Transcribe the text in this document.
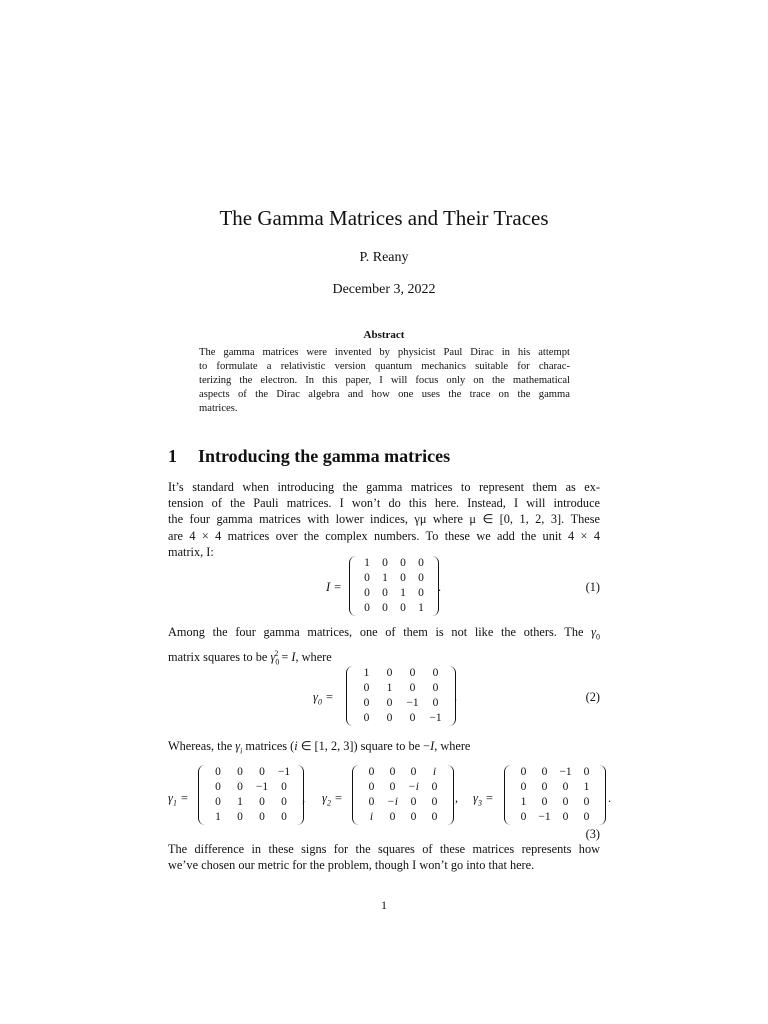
The Gamma Matrices and Their Traces
P. Reany
December 3, 2022
Abstract
The gamma matrices were invented by physicist Paul Dirac in his attempt
to formulate a relativistic version quantum mechanics suitable for charac-
terizing the electron. In this paper, I will focus only on the mathematical
aspects of the Dirac algebra and how one uses the trace on the gamma
matrices.
1 Introducing the gamma matrices
It’s standard when introducing the gamma matrices to represent them as ex-
tension of the Pauli matrices. I won’t do this here. Instead, I will introduce
the four gamma matrices with lower indices, γμ where μ ∈ [0, 1, 2, 3]. These
are 4 × 4 matrices over the complex numbers. To these we add the unit 4 × 4
matrix, I:
I =
1	0	0	0
0	1	0	0
0	0	1	0
0	0	0	1
.	(1)
Among the four gamma matrices, one of them is not like the others. The $\gamma_0$
matrix squares to be $\gamma_0^2 = I$, where
$\gamma_0$ =
1	0	0	0
0	1	0	0
0	0	−1	0
0	0	0	−1
.	(2)
Whereas, the $\gamma_i$ matrices (i ∈ [1, 2, 3]) square to be −I, where
$\gamma_1$ =
0	0	0	−1
0	0	−1	0
0	1	0	0
1	0	0	0
, $\gamma_2$ =
0	0	0	i
0	0	−i	0
0	−i	0	0
i	0	0	0
, $\gamma_3$ =
0	0	−1	0
0	0	0	1
1	0	0	0
0	−1	0	0
.
(3)
The difference in these signs for the squares of these matrices represents how
we’ve chosen our metric for the problem, though I won’t go into that here.
1
